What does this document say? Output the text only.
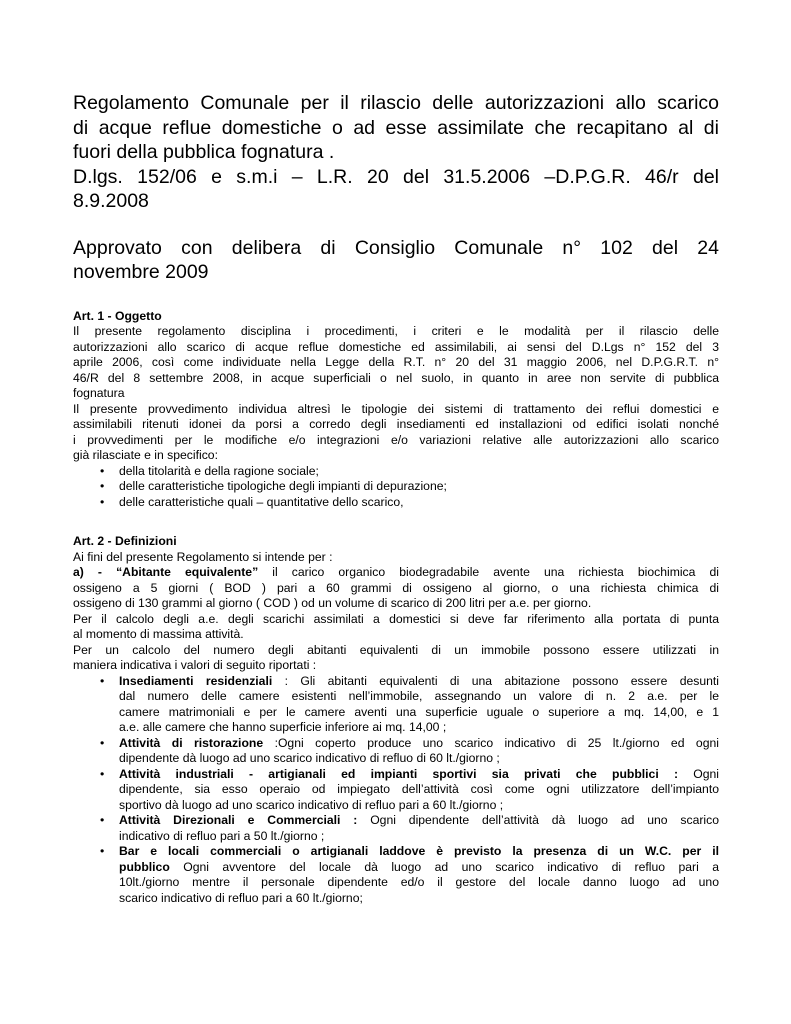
Regolamento Comunale per il rilascio delle autorizzazioni allo scarico
di acque reflue domestiche o ad esse assimilate che recapitano al di
fuori della pubblica fognatura .
D.lgs. 152/06 e s.m.i – L.R. 20 del 31.5.2006 –D.P.G.R. 46/r del
8.9.2008
Approvato con delibera di Consiglio Comunale n° 102 del 24
novembre 2009
Art. 1 - Oggetto

Il presente regolamento disciplina i procedimenti, i criteri e le modalità per il rilascio delle
autorizzazioni allo scarico di acque reflue domestiche ed assimilabili, ai sensi del D.Lgs n° 152 del 3
aprile 2006, così come individuate nella Legge della R.T. n° 20 del 31 maggio 2006, nel D.P.G.R.T. n°
46/R del 8 settembre 2008, in acque superficiali o nel suolo, in quanto in aree non servite di pubblica
fognatura

Il presente provvedimento individua altresì le tipologie dei sistemi di trattamento dei reflui domestici e
assimilabili ritenuti idonei da porsi a corredo degli insediamenti ed installazioni od edifici isolati nonché
i provvedimenti per le modifiche e/o integrazioni e/o variazioni relative alle autorizzazioni allo scarico
già rilasciate e in specifico:

• della titolarità e della ragione sociale;
• delle caratteristiche tipologiche degli impianti di depurazione;
• delle caratteristiche quali – quantitative dello scarico,
Art. 2 - Definizioni

Ai fini del presente Regolamento si intende per :

a) - “Abitante equivalente” il carico organico biodegradabile avente una richiesta biochimica di
ossigeno a 5 giorni ( BOD ) pari a 60 grammi di ossigeno al giorno, o una richiesta chimica di
ossigeno di 130 grammi al giorno ( COD ) od un volume di scarico di 200 litri per a.e. per giorno.

Per il calcolo degli a.e. degli scarichi assimilati a domestici si deve far riferimento alla portata di punta
al momento di massima attività.

Per un calcolo del numero degli abitanti equivalenti di un immobile possono essere utilizzati in
maniera indicativa i valori di seguito riportati :

• Insediamenti residenziali : Gli abitanti equivalenti di una abitazione possono essere desunti
dal numero delle camere esistenti nell’immobile, assegnando un valore di n. 2 a.e. per le
camere matrimoniali e per le camere aventi una superficie uguale o superiore a mq. 14,00, e 1
a.e. alle camere che hanno superficie inferiore ai mq. 14,00 ;
• Attività di ristorazione :Ogni coperto produce uno scarico indicativo di 25 lt./giorno ed ogni
dipendente dà luogo ad uno scarico indicativo di refluo di 60 lt./giorno ;
• Attività industriali - artigianali ed impianti sportivi sia privati che pubblici : Ogni
dipendente, sia esso operaio od impiegato dell’attività così come ogni utilizzatore dell’impianto
sportivo dà luogo ad uno scarico indicativo di refluo pari a 60 lt./giorno ;
• Attività Direzionali e Commerciali : Ogni dipendente dell’attività dà luogo ad uno scarico
indicativo di refluo pari a 50 lt./giorno ;
• Bar e locali commerciali o artigianali laddove è previsto la presenza di un W.C. per il
pubblico Ogni avventore del locale dà luogo ad uno scarico indicativo di refluo pari a
10lt./giorno mentre il personale dipendente ed/o il gestore del locale danno luogo ad uno
scarico indicativo di refluo pari a 60 lt./giorno;
